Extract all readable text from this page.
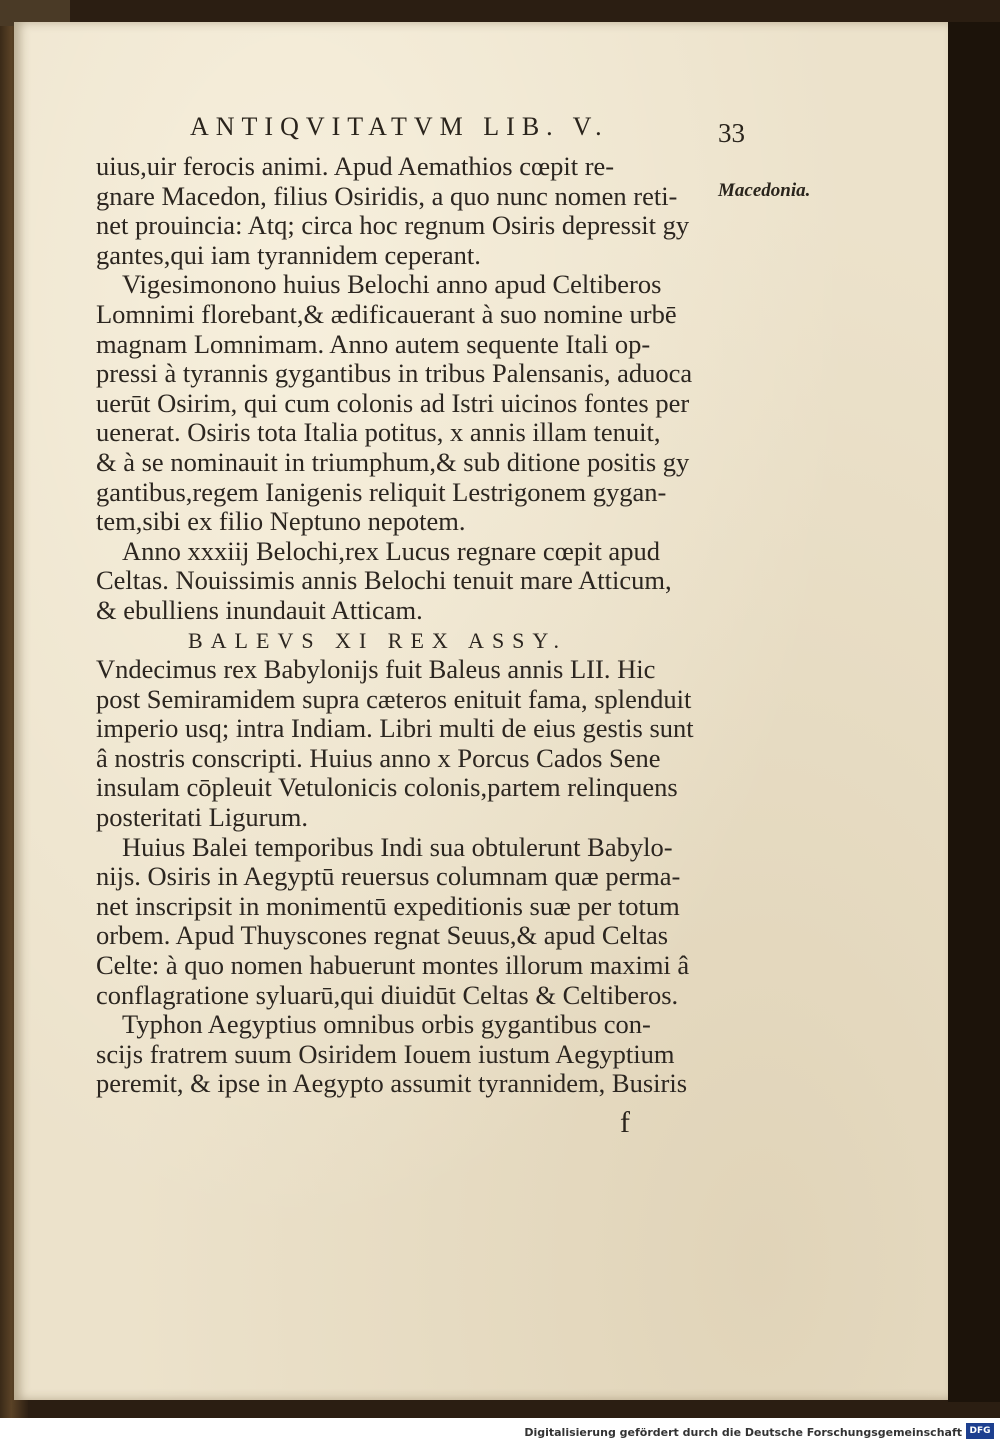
ANTIQVITATVM LIB. V.	33
Macedonia.
uius,uir ferocis animi. Apud Aemathios cœpit re-
gnare Macedon, filius Osiridis, a quo nunc nomen reti-
net prouincia: Atq; circa hoc regnum Osiris depressit gy
gantes,qui iam tyrannidem ceperant.
Vigesimonono huius Belochi anno apud Celtiberos
Lomnimi florebant,& ædificauerant à suo nomine urbē
magnam Lomnimam. Anno autem sequente Itali op-
pressi à tyrannis gygantibus in tribus Palensanis, aduoca
uerūt Osirim, qui cum colonis ad Istri uicinos fontes per
uenerat. Osiris tota Italia potitus, x annis illam tenuit,
& à se nominauit in triumphum,& sub ditione positis gy
gantibus,regem Ianigenis reliquit Lestrigonem gygan-
tem,sibi ex filio Neptuno nepotem.
Anno xxxiij Belochi,rex Lucus regnare cœpit apud
Celtas. Nouissimis annis Belochi tenuit mare Atticum,
& ebulliens inundauit Atticam.
BALEVS XI REX ASSY.
Vndecimus rex Babylonijs fuit Baleus annis LII. Hic
post Semiramidem supra cæteros enituit fama, splenduit
imperio usq; intra Indiam. Libri multi de eius gestis sunt
â nostris conscripti. Huius anno x Porcus Cados Sene
insulam cōpleuit Vetulonicis colonis,partem relinquens
posteritati Ligurum.
Huius Balei temporibus Indi sua obtulerunt Babylo-
nijs. Osiris in Aegyptū reuersus columnam quæ perma-
net inscripsit in monimentū expeditionis suæ per totum
orbem. Apud Thuyscones regnat Seuus,& apud Celtas
Celte: à quo nomen habuerunt montes illorum maximi â
conflagratione syluarū,qui diuidūt Celtas & Celtiberos.
Typhon Aegyptius omnibus orbis gygantibus con-
scijs fratrem suum Osiridem Iouem iustum Aegyptium
peremit, & ipse in Aegypto assumit tyrannidem, Busiris
f
Digitalisierung gefördert durch die Deutsche Forschungsgemeinschaft DFG
